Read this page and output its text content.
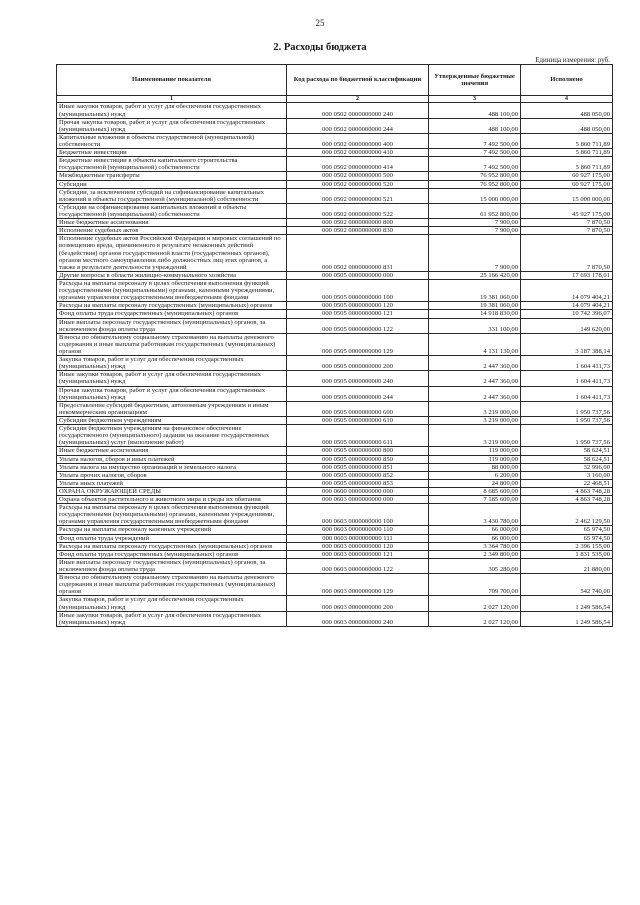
25
2. Расходы бюджета
Единица измерения: руб.
Наименование показателя	Код расхода по бюджетной классификации	Утвержденные бюджетные значения	Исполнено
1	2	3	4
Иные закупки товаров, работ и услуг для обеспечения государственных (муниципальных) нужд	000 0502 0000000000 240	488 100,00	488 050,00
Прочая закупка товаров, работ и услуг для обеспечения государственных (муниципальных) нужд	000 0502 0000000000 244	488 100,00	488 050,00
Капитальные вложения в объекты государственной (муниципальной) собственности	000 0502 0000000000 400	7 492 500,00	5 860 711,89
Бюджетные инвестиции	000 0502 0000000000 410	7 492 500,00	5 860 711,89
Бюджетные инвестиции в объекты капитального строительства государственной (муниципальной) собственности	000 0502 0000000000 414	7 492 500,00	5 860 711,89
Межбюджетные трансферты	000 0502 0000000000 500	76 952 800,00	60 927 175,00
Субсидии	000 0502 0000000000 520	76 952 800,00	60 927 175,00
Субсидии, за исключением субсидий на софинансирование капитальных вложений в объекты государственной (муниципальной) собственности	000 0502 0000000000 521	15 000 000,00	15 000 000,00
Субсидии на софинансирование капитальных вложений в объекты государственной (муниципальной) собственности	000 0502 0000000000 522	61 952 800,00	45 927 175,00
Иные бюджетные ассигнования	000 0502 0000000000 800	7 900,00	7 870,50
Исполнение судебных актов	000 0502 0000000000 830	7 900,00	7 870,50
Исполнение судебных актов Российской Федерации и мировых соглашений по возмещению вреда, причиненного в результате незаконных действий (бездействия) органов государственной власти (государственных органов), органов местного самоуправления либо должностных лиц этих органов, а также в результате деятельности учреждений	000 0502 0000000000 831	7 900,00	7 870,50
Другие вопросы в области жилищно-коммунального хозяйства	000 0505 0000000000 000	25 166 420,00	17 693 178,01
Расходы на выплаты персоналу в целях обеспечения выполнения функций государственными (муниципальными) органами, казенными учреждениями, органами управления государственными внебюджетными фондами	000 0505 0000000000 100	19 381 060,00	14 079 404,21
Расходы на выплаты персоналу государственных (муниципальных) органов	000 0505 0000000000 120	19 381 060,00	14 079 404,21
Фонд оплаты труда государственных (муниципальных) органов	000 0505 0000000000 121	14 918 830,00	10 742 396,07
Иные выплаты персоналу государственных (муниципальных) органов, за исключением фонда оплаты труда	000 0505 0000000000 122	331 100,00	149 620,00
Взносы по обязательному социальному страхованию на выплаты денежного содержания и иные выплаты работникам государственных (муниципальных) органов	000 0505 0000000000 129	4 131 130,00	3 187 388,14
Закупка товаров, работ и услуг для обеспечения государственных (муниципальных) нужд	000 0505 0000000000 200	2 447 360,00	1 604 411,73
Иные закупки товаров, работ и услуг для обеспечения государственных (муниципальных) нужд	000 0505 0000000000 240	2 447 360,00	1 604 411,73
Прочая закупка товаров, работ и услуг для обеспечения государственных (муниципальных) нужд	000 0505 0000000000 244	2 447 360,00	1 604 411,73
Предоставление субсидий бюджетным, автономным учреждениям и иным некоммерческим организациям	000 0505 0000000000 600	3 219 000,00	1 950 737,56
Субсидии бюджетным учреждениям	000 0505 0000000000 610	3 219 000,00	1 950 737,56
Субсидии бюджетным учреждениям на финансовое обеспечение государственного (муниципального) задания на оказание государственных (муниципальных) услуг (выполнение работ)	000 0505 0000000000 611	3 219 000,00	1 950 737,56
Иные бюджетные ассигнования	000 0505 0000000000 800	119 000,00	58 624,51
Уплата налогов, сборов и иных платежей	000 0505 0000000000 850	119 000,00	58 624,51
Уплата налога на имущество организаций и земельного налога	000 0505 0000000000 851	88 000,00	32 996,00
Уплата прочих налогов, сборов	000 0505 0000000000 852	6 200,00	3 160,00
Уплата иных платежей	000 0505 0000000000 853	24 800,00	22 468,51
ОХРАНА ОКРУЖАЮЩЕЙ СРЕДЫ	000 0600 0000000000 000	8 685 600,00	4 863 748,28
Охрана объектов растительного и животного мира и среды их обитания	000 0603 0000000000 000	7 185 600,00	4 863 748,28
Расходы на выплаты персоналу в целях обеспечения выполнения функций государственными (муниципальными) органами, казенными учреждениями, органами управления государственными внебюджетными фондами	000 0603 0000000000 100	3 430 780,00	2 462 129,50
Расходы на выплаты персоналу казенных учреждений	000 0603 0000000000 110	66 000,00	65 974,50
Фонд оплаты труда учреждений	000 0603 0000000000 111	66 000,00	65 974,50
Расходы на выплаты персоналу государственных (муниципальных) органов	000 0603 0000000000 120	3 364 780,00	2 396 155,00
Фонд оплаты труда государственных (муниципальных) органов	000 0603 0000000000 121	2 349 800,00	1 831 535,00
Иные выплаты персоналу государственных (муниципальных) органов, за исключением фонда оплаты труда	000 0603 0000000000 122	305 280,00	21 880,00
Взносы по обязательному социальному страхованию на выплаты денежного содержания и иные выплаты работникам государственных (муниципальных) органов	000 0603 0000000000 129	709 700,00	542 740,00
Закупка товаров, работ и услуг для обеспечения государственных (муниципальных) нужд	000 0603 0000000000 200	2 027 120,00	1 249 586,54
Иные закупки товаров, работ и услуг для обеспечения государственных (муниципальных) нужд	000 0603 0000000000 240	2 027 120,00	1 249 586,54
